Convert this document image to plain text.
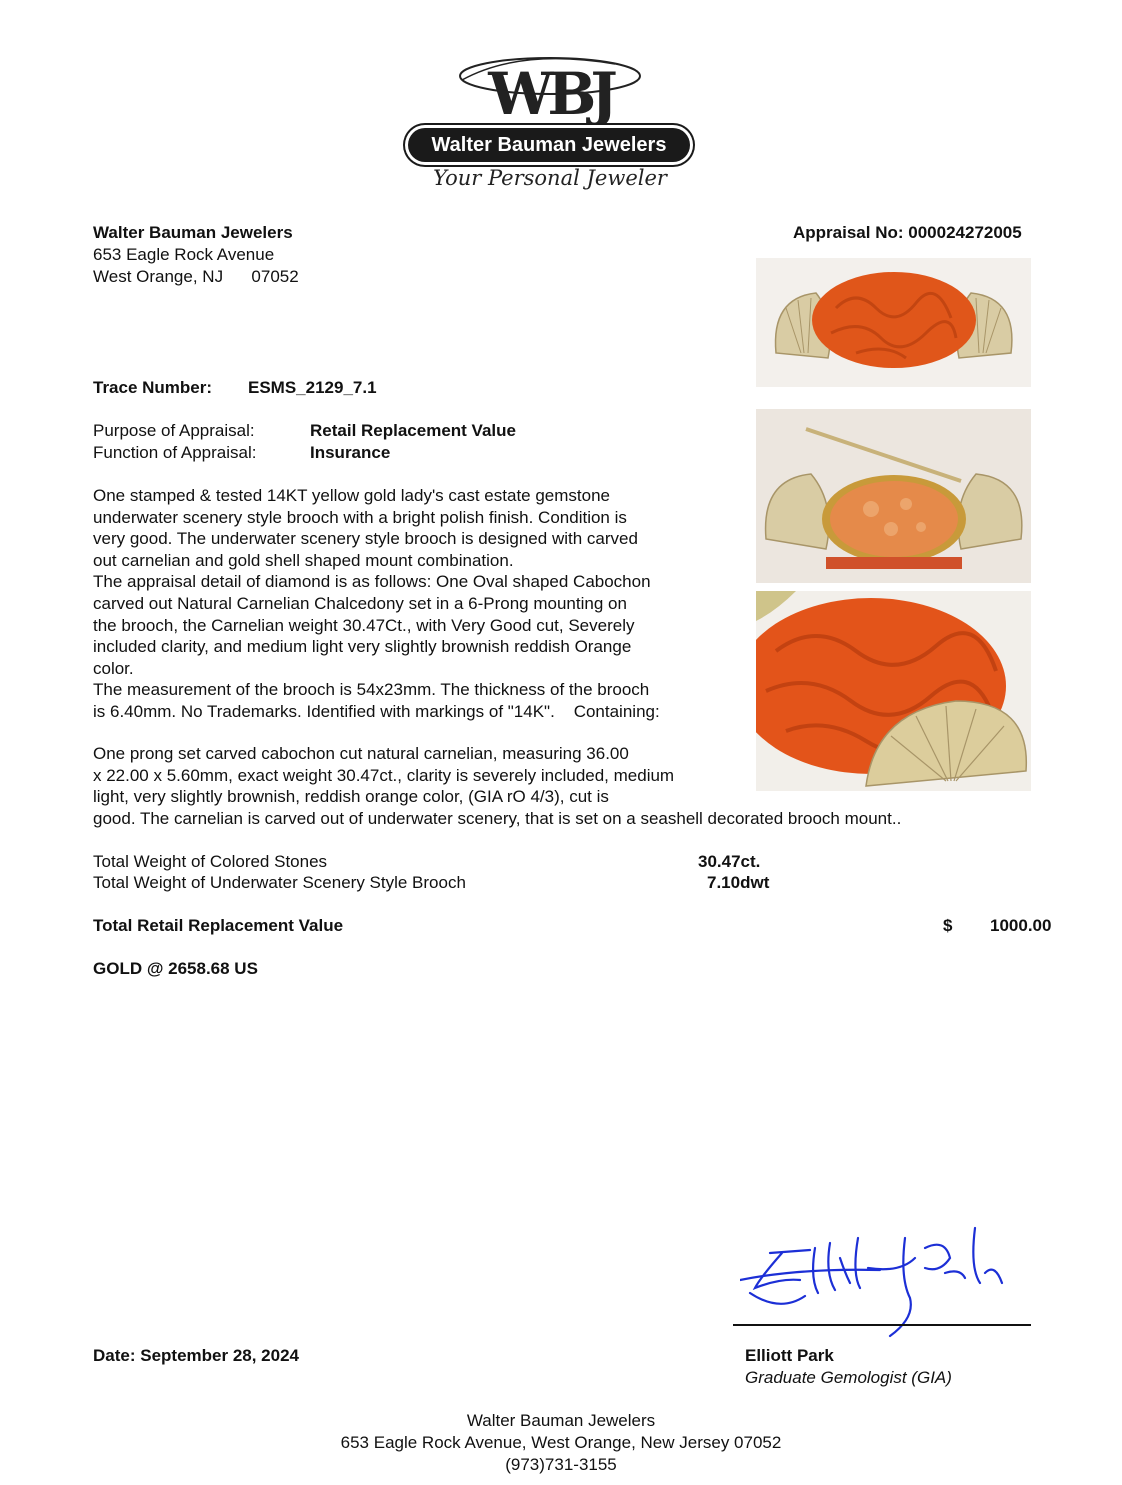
WBJ
Walter Bauman Jewelers
Your Personal Jeweler
Walter Bauman Jewelers
653 Eagle Rock Avenue
West Orange, NJ      07052
Appraisal No: 000024272005
Trace Number: ESMS_2129_7.1
Purpose of Appraisal:	Retail Replacement Value
Function of Appraisal:	Insurance
One stamped & tested 14KT yellow gold lady's cast estate gemstone
underwater scenery style brooch with a bright polish finish. Condition is
very good. The underwater scenery style brooch is designed with carved
out carnelian and gold shell shaped mount combination.
The appraisal detail of diamond is as follows: One Oval shaped Cabochon
carved out Natural Carnelian Chalcedony set in a 6-Prong mounting on
the brooch, the Carnelian weight 30.47Ct., with Very Good cut, Severely
included clarity, and medium light very slightly brownish reddish Orange
color.
The measurement of the brooch is 54x23mm. The thickness of the brooch
is 6.40mm. No Trademarks. Identified with markings of "14K".    Containing:
One prong set carved cabochon cut natural carnelian, measuring 36.00
x 22.00 x 5.60mm, exact weight 30.47ct., clarity is severely included, medium
light, very slightly brownish, reddish orange color, (GIA rO 4/3), cut is
good. The carnelian is carved out of underwater scenery, that is set on a seashell decorated brooch mount..
Total Weight of Colored Stones	30.47ct.
Total Weight of Underwater Scenery Style Brooch	7.10dwt
Total Retail Replacement Value	$ 1000.00
GOLD @ 2658.68 US
Date: September 28, 2024	Elliott Park
Graduate Gemologist (GIA)
Walter Bauman Jewelers
653 Eagle Rock Avenue, West Orange, New Jersey 07052
(973)731-3155
